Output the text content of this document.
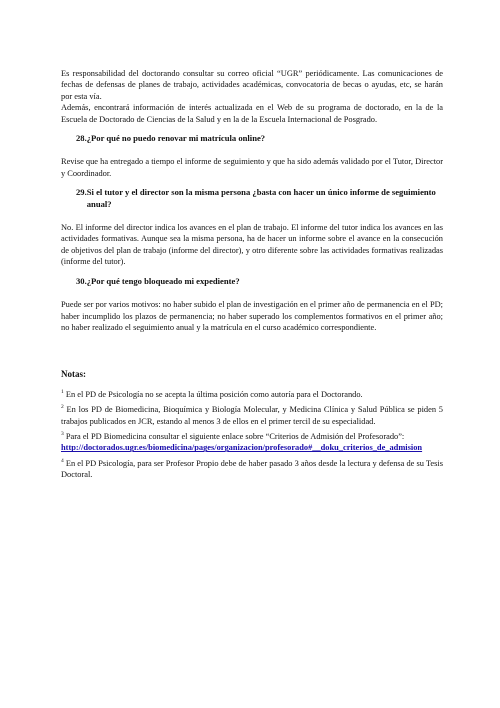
Es responsabilidad del doctorando consultar su correo oficial “UGR” periódicamente. Las comunicaciones de fechas de defensas de planes de trabajo, actividades académicas, convocatoria de becas o ayudas, etc, se harán por esta vía.

Además, encontrará información de interés actualizada en el Web de su programa de doctorado, en la de la Escuela de Doctorado de Ciencias de la Salud y en la de la Escuela Internacional de Posgrado.

28.¿Por qué no puedo renovar mi matrícula online?

Revise que ha entregado a tiempo el informe de seguimiento y que ha sido además validado por el Tutor, Director y Coordinador.

29. Si el tutor y el director son la misma persona ¿basta con hacer un único informe de seguimiento anual?

No. El informe del director indica los avances en el plan de trabajo. El informe del tutor indica los avances en las actividades formativas. Aunque sea la misma persona, ha de hacer un informe sobre el avance en la consecución de objetivos del plan de trabajo (informe del director), y otro diferente sobre las actividades formativas realizadas (informe del tutor).

30.¿Por qué tengo bloqueado mi expediente?

Puede ser por varios motivos: no haber subido el plan de investigación en el primer año de permanencia en el PD; haber incumplido los plazos de permanencia; no haber superado los complementos formativos en el primer año; no haber realizado el seguimiento anual y la matrícula en el curso académico correspondiente.

Notas:

$^1$ En el PD de Psicología no se acepta la última posición como autoría para el Doctorando.

$^2$ En los PD de Biomedicina, Bioquímica y Biología Molecular, y Medicina Clínica y Salud Pública se piden 5 trabajos publicados en JCR, estando al menos 3 de ellos en el primer tercil de su especialidad.

$^3$ Para el PD Biomedicina consultar el siguiente enlace sobre “Criterios de Admisión del Profesorado”:

http://doctorados.ugr.es/biomedicina/pages/organizacion/profesorado#__doku_criterios_de_admision

$^4$ En el PD Psicología, para ser Profesor Propio debe de haber pasado 3 años desde la lectura y defensa de su Tesis Doctoral.
